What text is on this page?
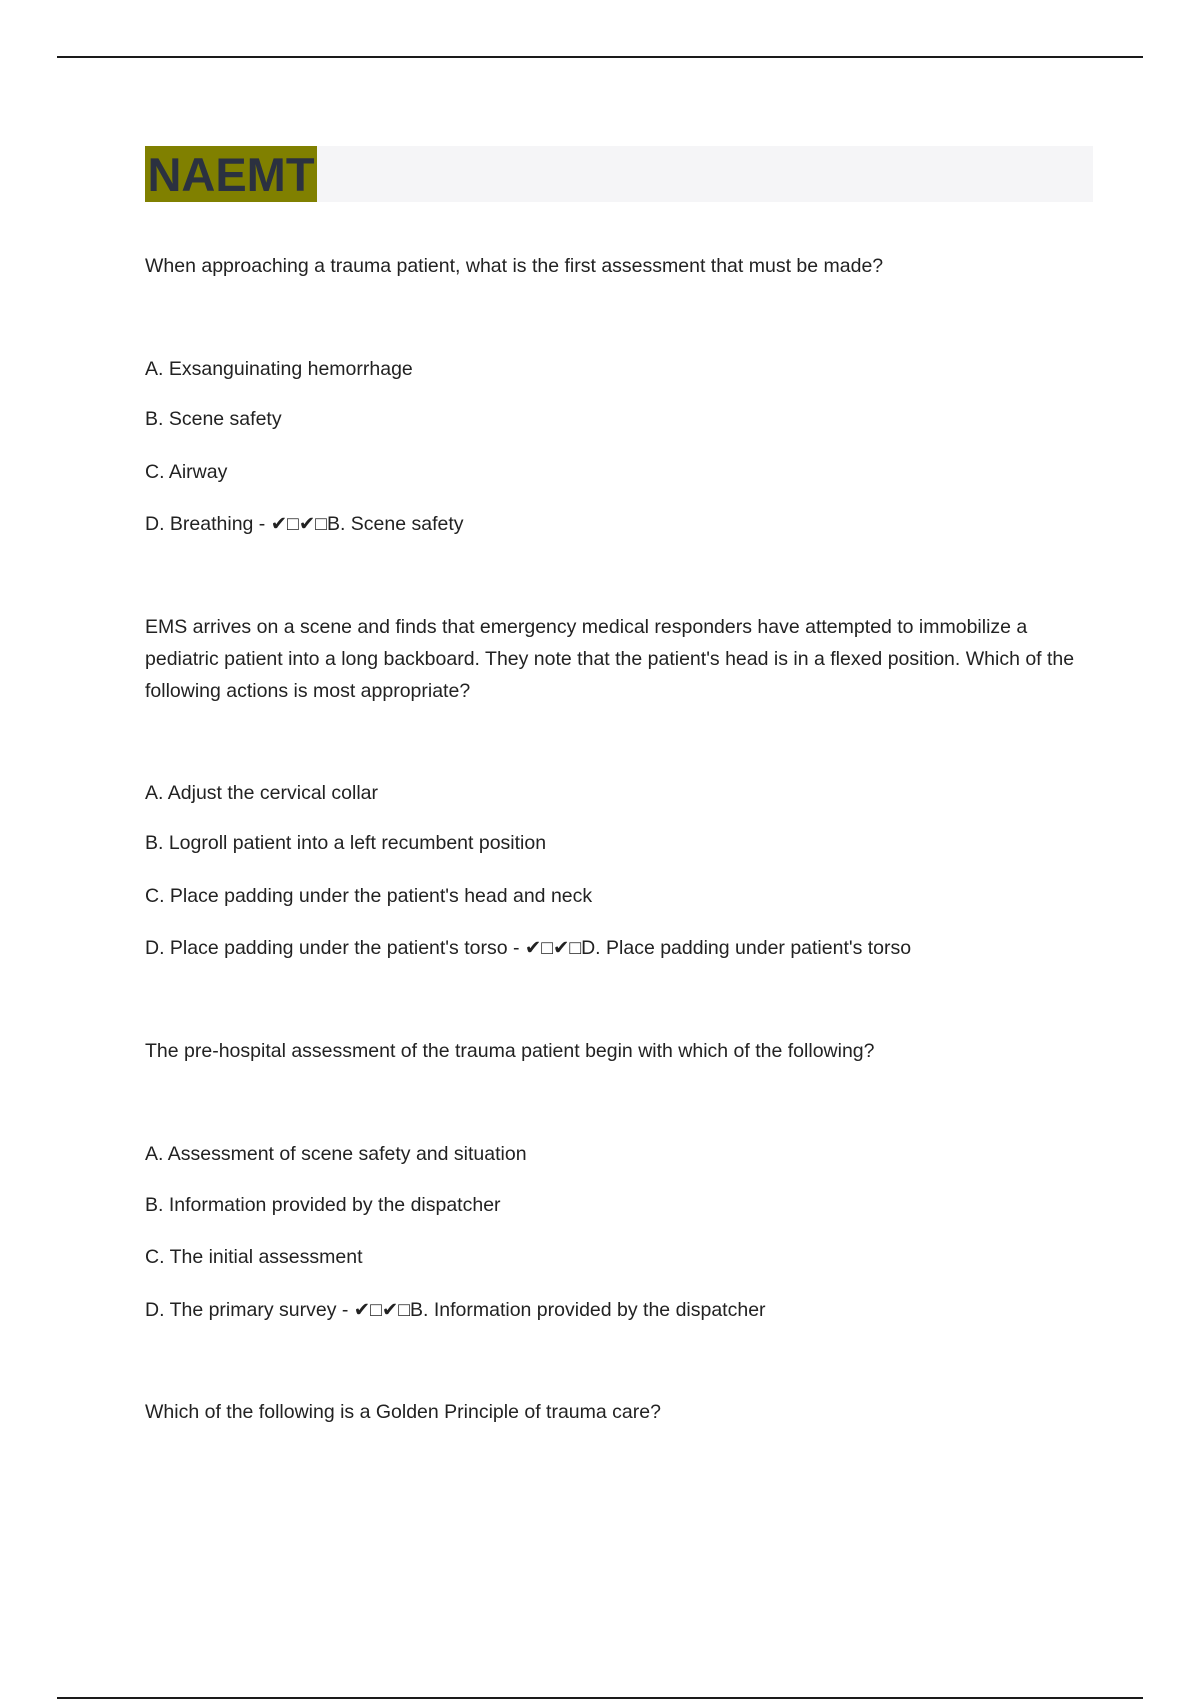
NAEMT

When approaching a trauma patient, what is the first assessment that must be made?

A. Exsanguinating hemorrhage

B. Scene safety

C. Airway

D. Breathing - ✔□✔□B. Scene safety

EMS arrives on a scene and finds that emergency medical responders have attempted to immobilize a pediatric patient into a long backboard. They note that the patient's head is in a flexed position. Which of the following actions is most appropriate?

A. Adjust the cervical collar

B. Logroll patient into a left recumbent position

C. Place padding under the patient's head and neck

D. Place padding under the patient's torso - ✔□✔□D. Place padding under patient's torso

The pre-hospital assessment of the trauma patient begin with which of the following?

A. Assessment of scene safety and situation

B. Information provided by the dispatcher

C. The initial assessment

D. The primary survey - ✔□✔□B. Information provided by the dispatcher

Which of the following is a Golden Principle of trauma care?
